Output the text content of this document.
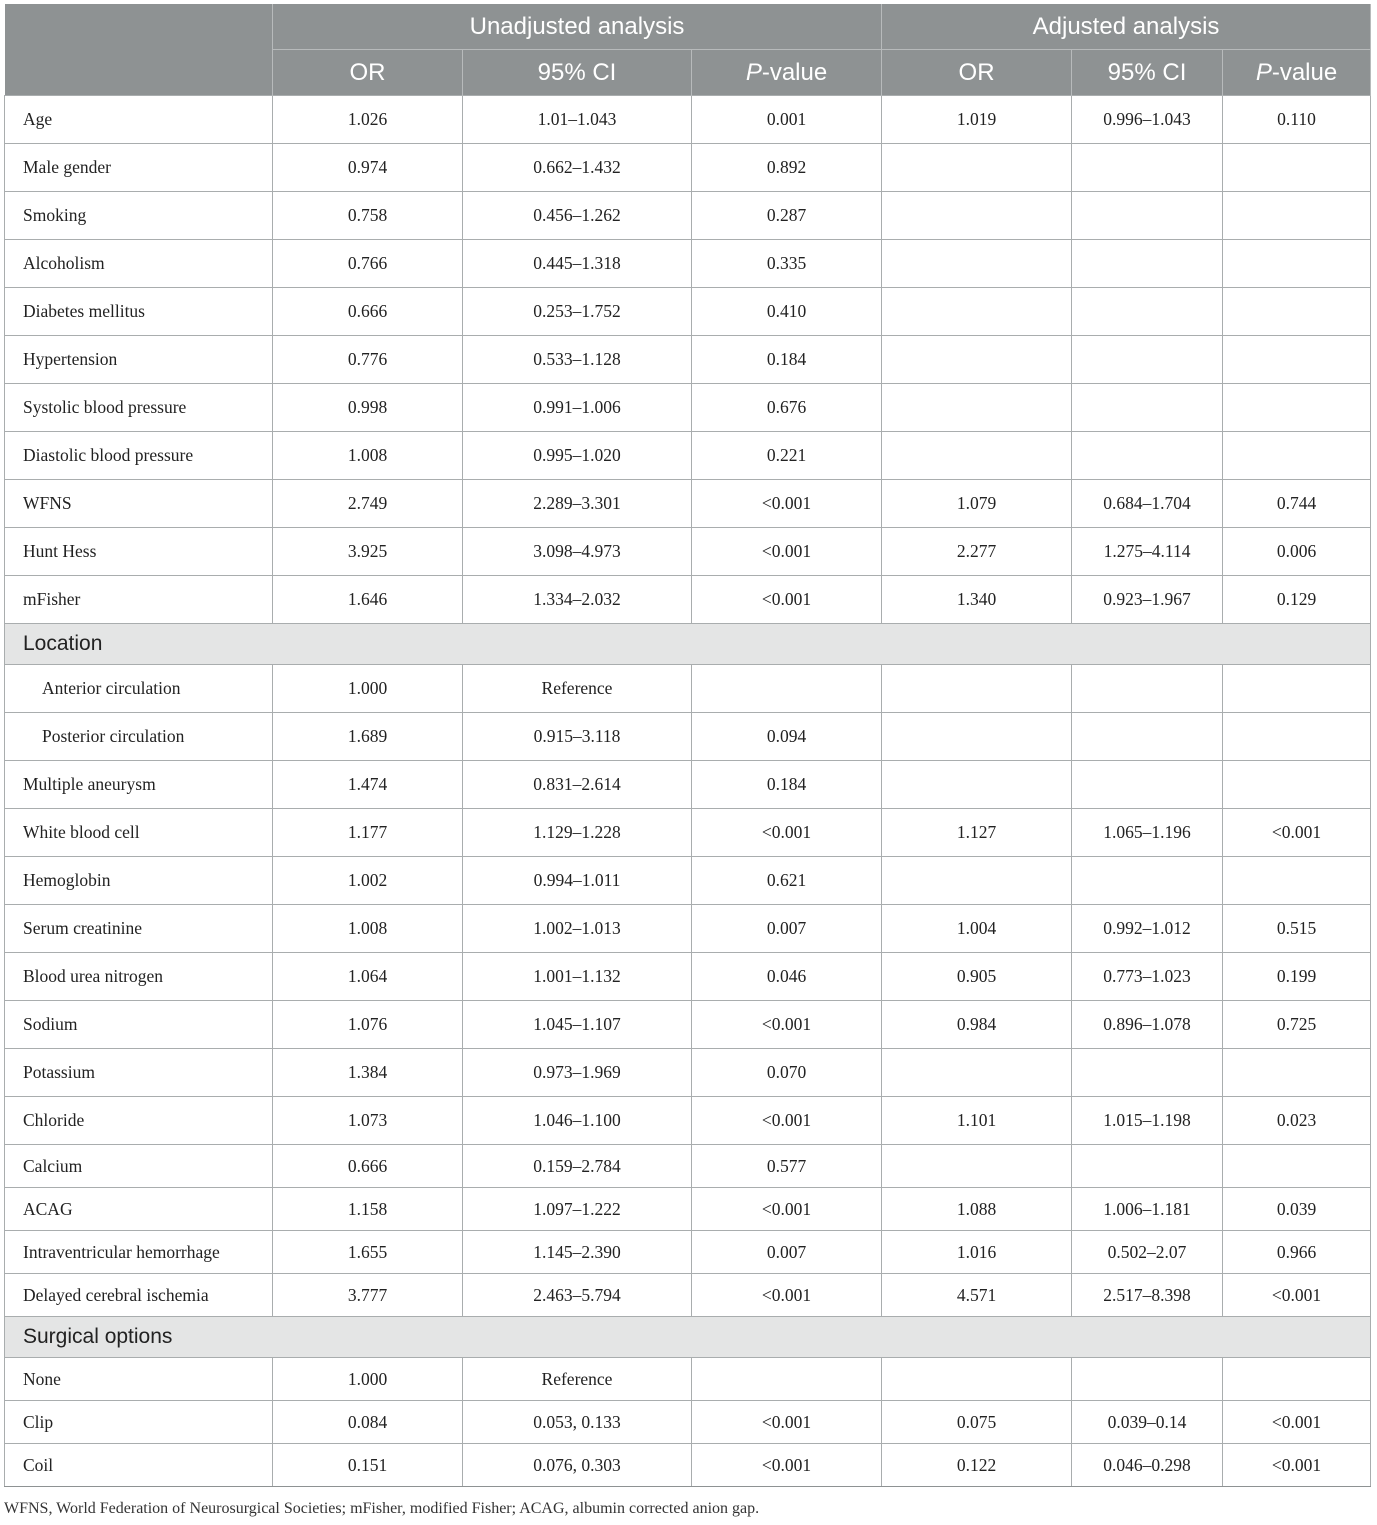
	Unadjusted analysis			Adjusted analysis		
	OR	95% CI	P-value	OR	95% CI	P-value
Age	1.026	1.01–1.043	0.001	1.019	0.996–1.043	0.110
Male gender	0.974	0.662–1.432	0.892			
Smoking	0.758	0.456–1.262	0.287			
Alcoholism	0.766	0.445–1.318	0.335			
Diabetes mellitus	0.666	0.253–1.752	0.410			
Hypertension	0.776	0.533–1.128	0.184			
Systolic blood pressure	0.998	0.991–1.006	0.676			
Diastolic blood pressure	1.008	0.995–1.020	0.221			
WFNS	2.749	2.289–3.301	<0.001	1.079	0.684–1.704	0.744
Hunt Hess	3.925	3.098–4.973	<0.001	2.277	1.275–4.114	0.006
mFisher	1.646	1.334–2.032	<0.001	1.340	0.923–1.967	0.129
Location						
Anterior circulation	1.000	Reference				
Posterior circulation	1.689	0.915–3.118	0.094			
Multiple aneurysm	1.474	0.831–2.614	0.184			
White blood cell	1.177	1.129–1.228	<0.001	1.127	1.065–1.196	<0.001
Hemoglobin	1.002	0.994–1.011	0.621			
Serum creatinine	1.008	1.002–1.013	0.007	1.004	0.992–1.012	0.515
Blood urea nitrogen	1.064	1.001–1.132	0.046	0.905	0.773–1.023	0.199
Sodium	1.076	1.045–1.107	<0.001	0.984	0.896–1.078	0.725
Potassium	1.384	0.973–1.969	0.070			
Chloride	1.073	1.046–1.100	<0.001	1.101	1.015–1.198	0.023
Calcium	0.666	0.159–2.784	0.577			
ACAG	1.158	1.097–1.222	<0.001	1.088	1.006–1.181	0.039
Intraventricular hemorrhage	1.655	1.145–2.390	0.007	1.016	0.502–2.07	0.966
Delayed cerebral ischemia	3.777	2.463–5.794	<0.001	4.571	2.517–8.398	<0.001
Surgical options						
None	1.000	Reference				
Clip	0.084	0.053, 0.133	<0.001	0.075	0.039–0.14	<0.001
Coil	0.151	0.076, 0.303	<0.001	0.122	0.046–0.298	<0.001
WFNS, World Federation of Neurosurgical Societies; mFisher, modified Fisher; ACAG, albumin corrected anion gap.
